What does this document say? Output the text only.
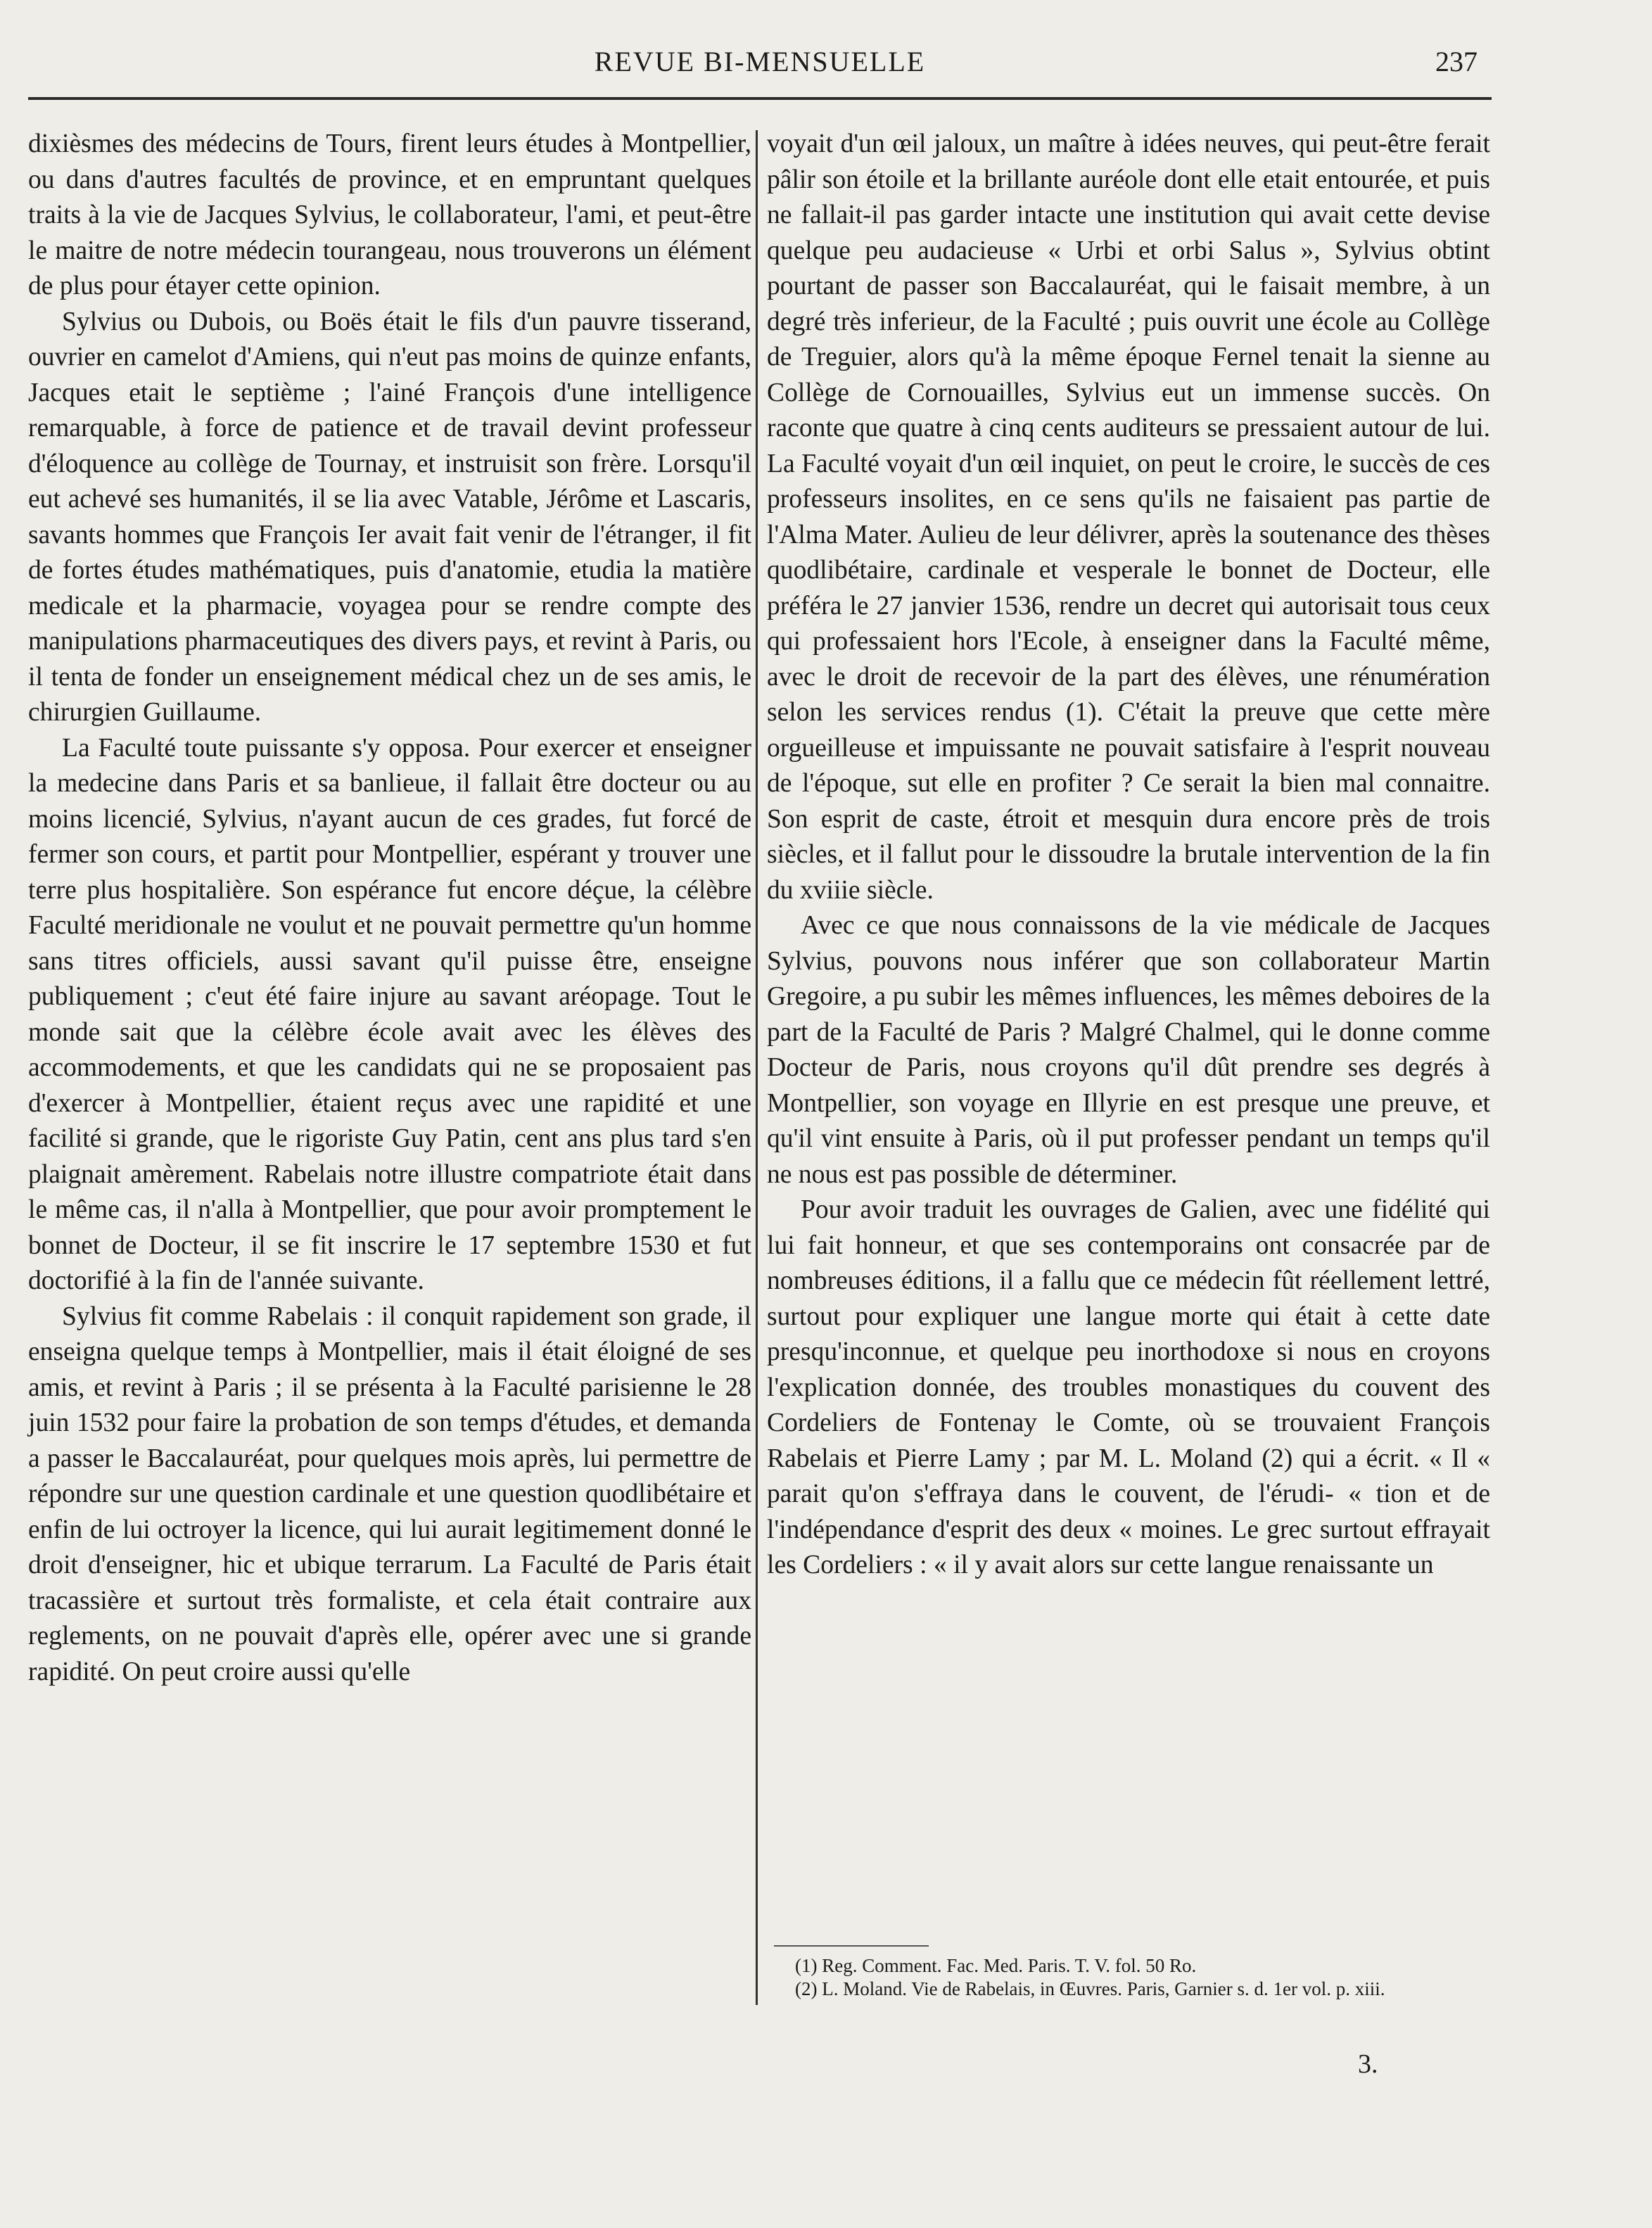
REVUE BI-MENSUELLE	237

dixièsmes des médecins de Tours, firent leurs études à Montpellier, ou dans d'autres facultés de province, et en empruntant quelques traits à la vie de Jacques Sylvius, le collaborateur, l'ami, et peut-être le maitre de notre médecin tourangeau, nous trouverons un élément de plus pour étayer cette opinion.

Sylvius ou Dubois, ou Boës était le fils d'un pauvre tisserand, ouvrier en camelot d'Amiens, qui n'eut pas moins de quinze enfants, Jacques etait le septième ; l'ainé François d'une intelligence remarquable, à force de patience et de travail devint professeur d'éloquence au collège de Tournay, et instruisit son frère. Lorsqu'il eut achevé ses humanités, il se lia avec Vatable, Jérôme et Lascaris, savants hommes que François Ier avait fait venir de l'étranger, il fit de fortes études mathématiques, puis d'anatomie, etudia la matière medicale et la pharmacie, voyagea pour se rendre compte des manipulations pharmaceutiques des divers pays, et revint à Paris, ou il tenta de fonder un enseignement médical chez un de ses amis, le chirurgien Guillaume.

La Faculté toute puissante s'y opposa. Pour exercer et enseigner la medecine dans Paris et sa banlieue, il fallait être docteur ou au moins licencié, Sylvius, n'ayant aucun de ces grades, fut forcé de fermer son cours, et partit pour Montpellier, espérant y trouver une terre plus hospitalière. Son espérance fut encore déçue, la célèbre Faculté meridionale ne voulut et ne pouvait permettre qu'un homme sans titres officiels, aussi savant qu'il puisse être, enseigne publiquement ; c'eut été faire injure au savant aréopage. Tout le monde sait que la célèbre école avait avec les élèves des accommodements, et que les candidats qui ne se proposaient pas d'exercer à Montpellier, étaient reçus avec une rapidité et une facilité si grande, que le rigoriste Guy Patin, cent ans plus tard s'en plaignait amèrement. Rabelais notre illustre compatriote était dans le même cas, il n'alla à Montpellier, que pour avoir promptement le bonnet de Docteur, il se fit inscrire le 17 septembre 1530 et fut doctorifié à la fin de l'année suivante.

Sylvius fit comme Rabelais : il conquit rapidement son grade, il enseigna quelque temps à Montpellier, mais il était éloigné de ses amis, et revint à Paris ; il se présenta à la Faculté parisienne le 28 juin 1532 pour faire la probation de son temps d'études, et demanda a passer le Baccalauréat, pour quelques mois après, lui permettre de répondre sur une question cardinale et une question quodlibétaire et enfin de lui octroyer la licence, qui lui aurait legitimement donné le droit d'enseigner, hic et ubique terrarum. La Faculté de Paris était tracassière et surtout très formaliste, et cela était contraire aux reglements, on ne pouvait d'après elle, opérer avec une si grande rapidité. On peut croire aussi qu'elle

voyait d'un œil jaloux, un maître à idées neuves, qui peut-être ferait pâlir son étoile et la brillante auréole dont elle etait entourée, et puis ne fallait-il pas garder intacte une institution qui avait cette devise quelque peu audacieuse « Urbi et orbi Salus », Sylvius obtint pourtant de passer son Baccalauréat, qui le faisait membre, à un degré très inferieur, de la Faculté ; puis ouvrit une école au Collège de Treguier, alors qu'à la même époque Fernel tenait la sienne au Collège de Cornouailles, Sylvius eut un immense succès. On raconte que quatre à cinq cents auditeurs se pressaient autour de lui. La Faculté voyait d'un œil inquiet, on peut le croire, le succès de ces professeurs insolites, en ce sens qu'ils ne faisaient pas partie de l'Alma Mater. Aulieu de leur délivrer, après la soutenance des thèses quodlibétaire, cardinale et vesperale le bonnet de Docteur, elle préféra le 27 janvier 1536, rendre un decret qui autorisait tous ceux qui professaient hors l'Ecole, à enseigner dans la Faculté même, avec le droit de recevoir de la part des élèves, une rénumération selon les services rendus (1). C'était la preuve que cette mère orgueilleuse et impuissante ne pouvait satisfaire à l'esprit nouveau de l'époque, sut elle en profiter ? Ce serait la bien mal connaitre. Son esprit de caste, étroit et mesquin dura encore près de trois siècles, et il fallut pour le dissoudre la brutale intervention de la fin du xviiie siècle.

Avec ce que nous connaissons de la vie médicale de Jacques Sylvius, pouvons nous inférer que son collaborateur Martin Gregoire, a pu subir les mêmes influences, les mêmes deboires de la part de la Faculté de Paris ? Malgré Chalmel, qui le donne comme Docteur de Paris, nous croyons qu'il dût prendre ses degrés à Montpellier, son voyage en Illyrie en est presque une preuve, et qu'il vint ensuite à Paris, où il put professer pendant un temps qu'il ne nous est pas possible de déterminer.

Pour avoir traduit les ouvrages de Galien, avec une fidélité qui lui fait honneur, et que ses contemporains ont consacrée par de nombreuses éditions, il a fallu que ce médecin fût réellement lettré, surtout pour expliquer une langue morte qui était à cette date presqu'inconnue, et quelque peu inorthodoxe si nous en croyons l'explication donnée, des troubles monastiques du couvent des Cordeliers de Fontenay le Comte, où se trouvaient François Rabelais et Pierre Lamy ; par M. L. Moland (2) qui a écrit. « Il « parait qu'on s'effraya dans le couvent, de l'érudi- « tion et de l'indépendance d'esprit des deux « moines. Le grec surtout effrayait les Cordeliers : « il y avait alors sur cette langue renaissante un

(1) Reg. Comment. Fac. Med. Paris. T. V. fol. 50 Ro.

(2) L. Moland. Vie de Rabelais, in Œuvres. Paris, Garnier s. d. 1er vol. p. xiii.

3.
